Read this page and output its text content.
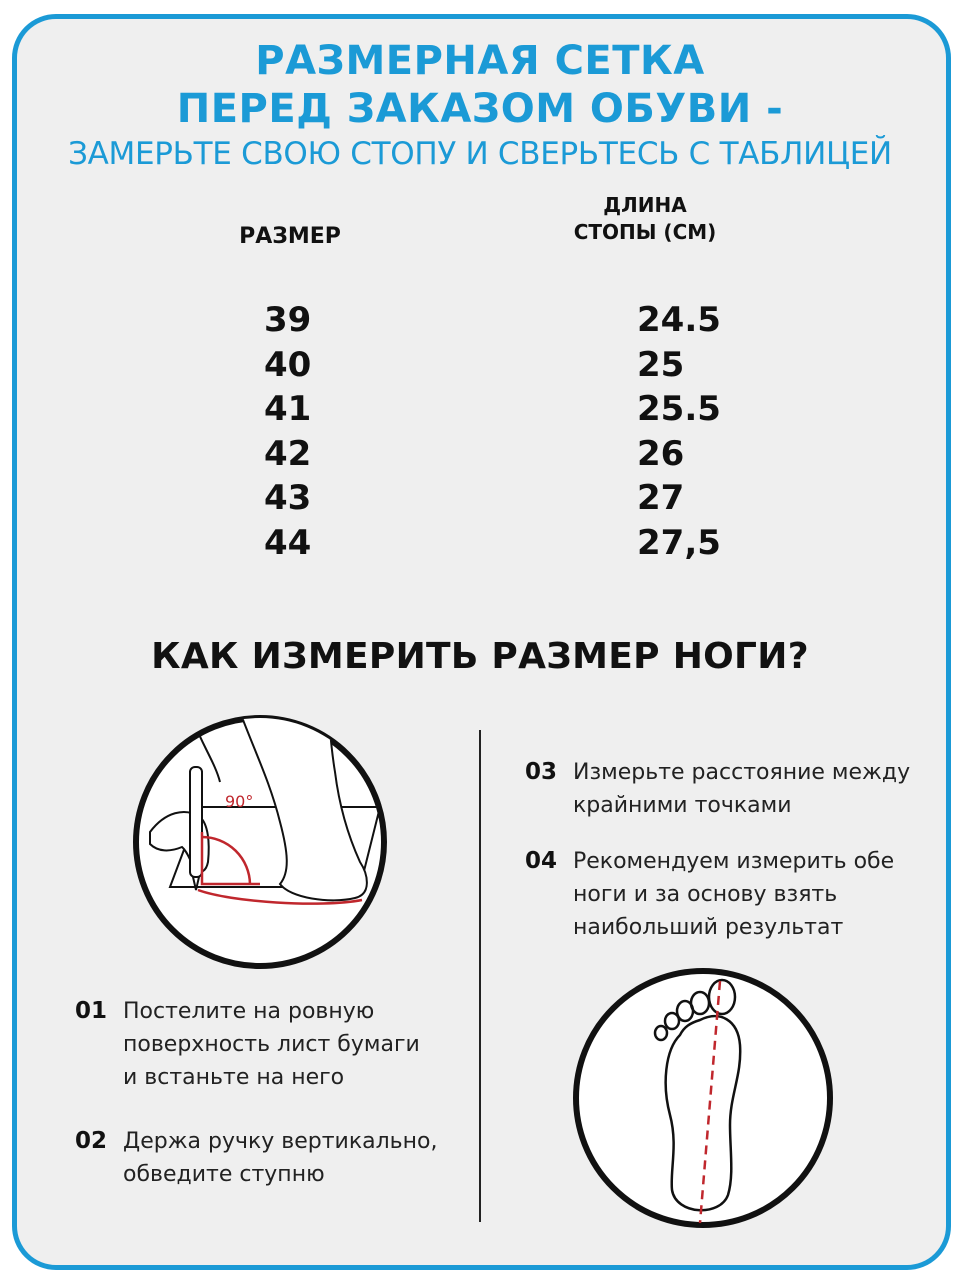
РАЗМЕРНАЯ СЕТКА
ПЕРЕД ЗАКАЗОМ ОБУВИ -
ЗАМЕРЬТЕ СВОЮ СТОПУ И СВЕРЬТЕСЬ С ТАБЛИЦЕЙ
РАЗМЕР
ДЛИНА
СТОПЫ (СМ)
39	24.5
40	25
41	25.5
42	26
43	27
44	27,5
КАК ИЗМЕРИТЬ РАЗМЕР НОГИ?
90°
01 Постелите на ровную
поверхность лист бумаги
и встаньте на него
02 Держа ручку вертикально,
обведите ступню
03 Измерьте расстояние между
крайними точками
04 Рекомендуем измерить обе
ноги и за основу взять
наибольший результат
